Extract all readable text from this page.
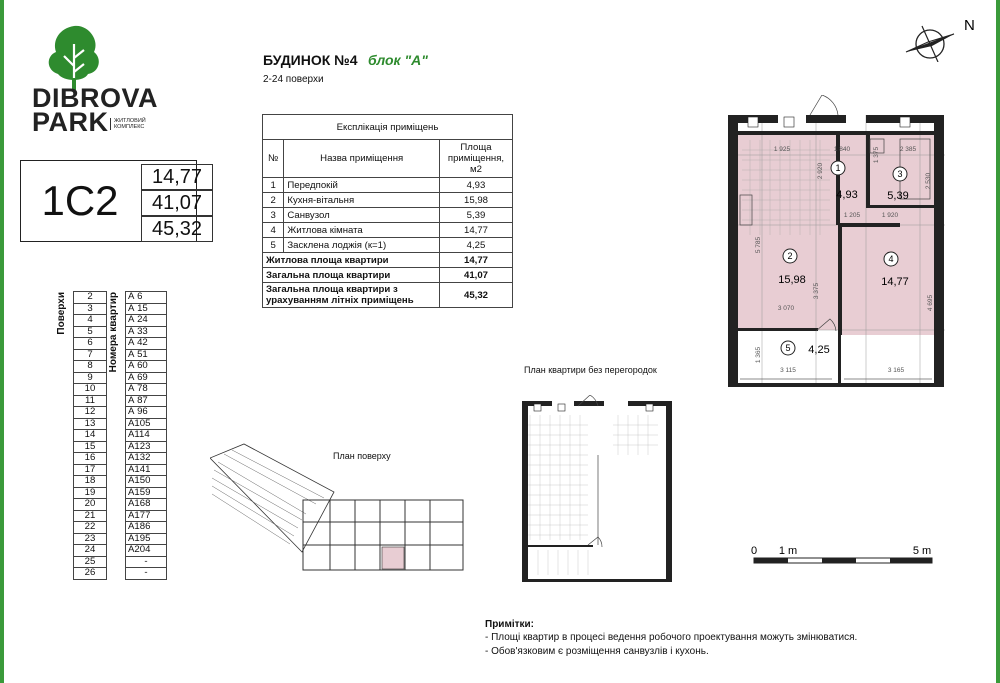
DIBROVA
PARK ЖИТЛОВИЙ
КОМПЛЕКС
1С2	14,77
41,07
45,32
БУДИНОК №4 блок "А"
2-24 поверхи
Експлікація приміщень		
№	Назва приміщення	Площа приміщення, м2
1	Передпокій	4,93
2	Кухня-вітальня	15,98
3	Санвузол	5,39
4	Житлова кімната	14,77
5	Засклена лоджія (к=1)	4,25
Житлова площа квартири		14,77
Загальна площа квартири		41,07
Загальна площа квартири з урахуванням літніх приміщень		45,32
Поверхи	2	Номера квартир	А 6
	3		А 15
	4		А 24
	5		А 33
	6		А 42
	7		А 51
	8		А 60
	9		А 69
	10		А 78
	11		А 87
	12		А 96
	13		А105
	14		А114
	15		А123
	16		А132
	17		А141
	18		А150
	19		А159
	20		А168
	21		А177
	22		А186
	23		А195
	24		А204
	25		-
	26		-
N
1
3
2	4
5
4,93	5,39
15,98	14,77
4,25
1 925	1 840	2 385
1 920
1 205
3 070
3 115	3 165
2 920
1 375
2 530
5 785
3 375
4 695
1 365
План квартири без перегородок
План поверху
0 1 m	5 m
Примітки:
- Площі квартир в процесі ведення робочого проектування можуть змінюватися.
- Обов'язковим є розміщення санвузлів і кухонь.
